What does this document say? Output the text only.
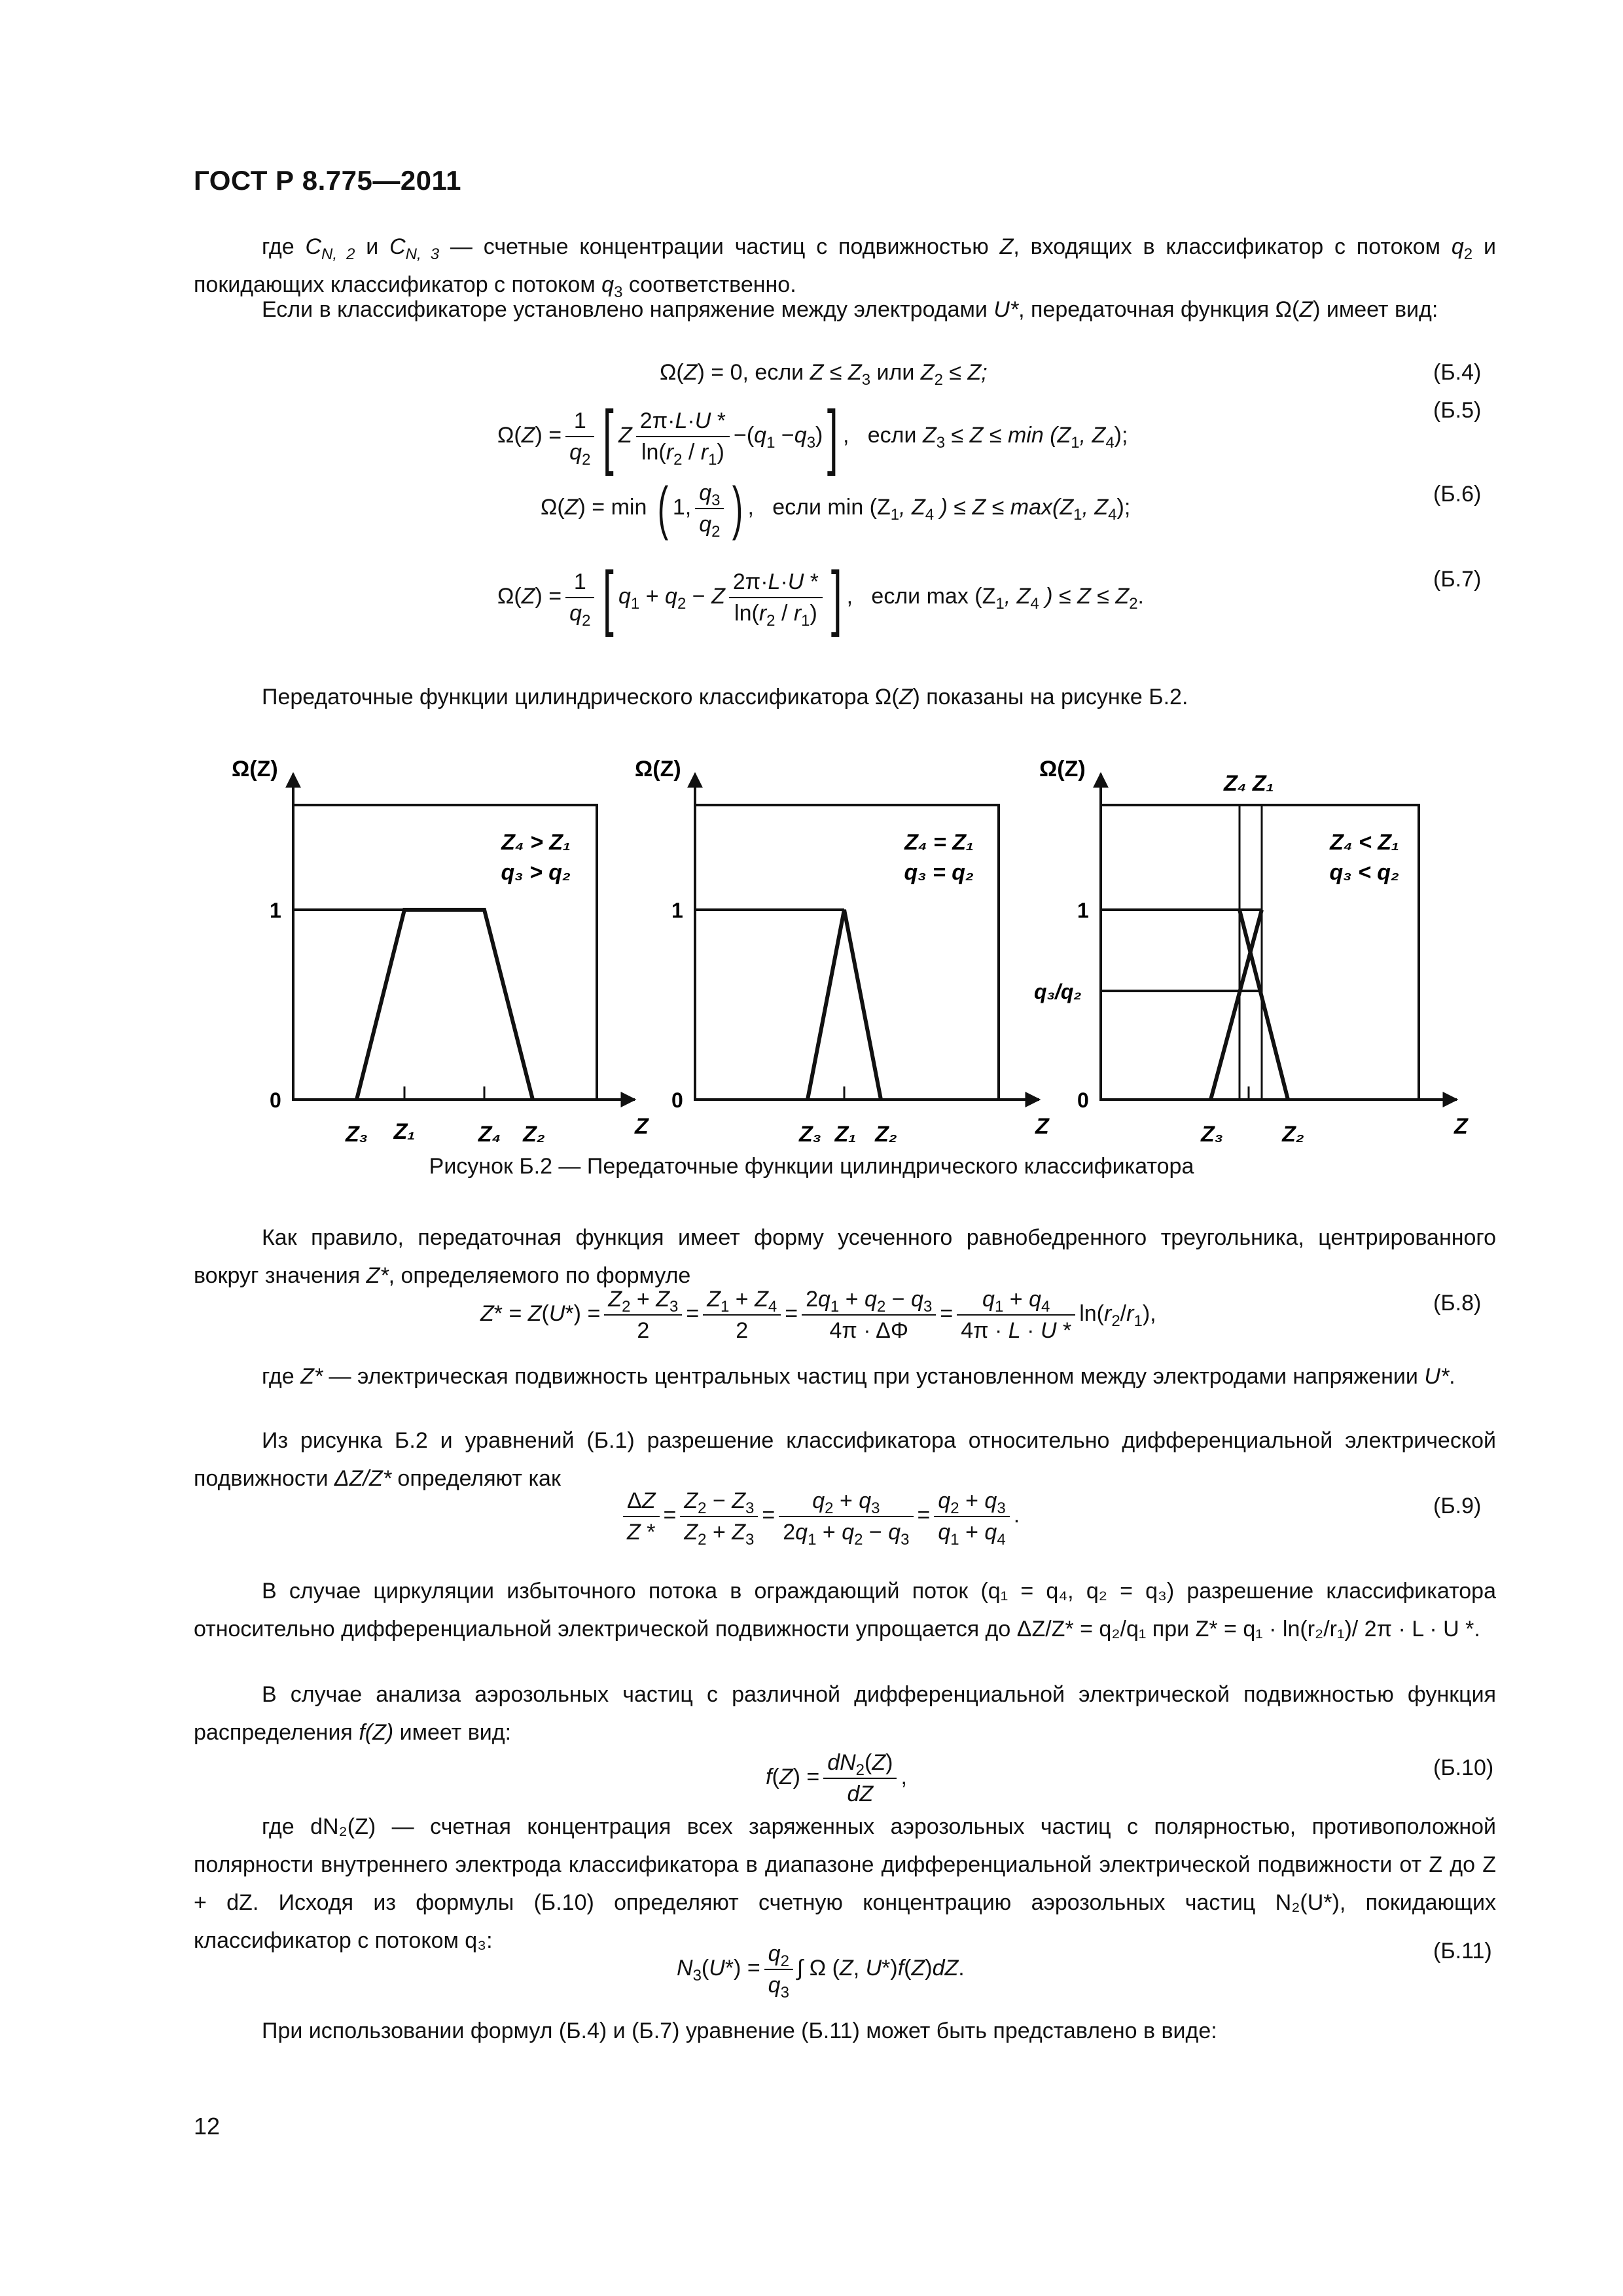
ГОСТ Р 8.775—2011
где $C_{N, 2}$ и $C_{N, 3}$ — счетные концентрации частиц с подвижностью Z, входящих в классификатор с потоком $q_2$ и покидающих классификатор с потоком $q_3$ соответственно.
Если в классификаторе установлено напряжение между электродами U*, передаточная функция Ω(Z) имеет вид:
Ω(Z) = 0, если $Z \le Z_3$ или $Z_2 \le Z$;	(Б.4)
$\Omega(Z) = \frac{1}{q_2}$ [ Z $\frac{2\pi\cdot L\cdot U *}{\ln(r_2 / r_1)} -(q_1 -q_3)$] ,   если $Z_3 \le Z \le \min (Z_1$, $Z_4$);
(Б.5)
Ω(Z) = min ( 1, $\frac{q_3}{q_2}$ ) ,   если $\min (Z_1$, $Z_4$ ) ≤ $Z \le \max(Z_1$, $Z_4$);
(Б.6)
$\Omega(Z) = \frac{1}{q_2}$ [ $q_1 + q_2 - Z \frac{2\pi\cdot L\cdot U *}{\ln(r_2 / r_1)}$ ] ,   если $\max (Z_1$, $Z_4$ ) ≤ $Z \le Z_2$.
(Б.7)
Передаточные функции цилиндрического классификатора Ω(Z) показаны на рисунке Б.2.
Ω(Z)
1
0
Z₄ > Z₁
q₃ > q₂
Z₃ Z₁	Z₄ Z₂	Z
Ω(Z)
1
0
Z₄ = Z₁
q₃ = q₂
Z₃ Z₁ Z₂	Z
Ω(Z)
Z₄ Z₁
1
q₃/q₂
0
Z₄ < Z₁
q₃ < q₂
Z₃	Z₂	Z
Рисунок Б.2 — Передаточные функции цилиндрического классификатора
Как правило, передаточная функция имеет форму усеченного равнобедренного треугольника, центрированного вокруг значения Z*, определяемого по формуле
$Z* = Z(U*) = \frac{Z_2 + Z_3}{2} = \frac{Z_1 + Z_4}{2} = \frac{2q_1 + q_2 - q_3}{4\pi \cdot \Delta\Phi} = \frac{q_1 + q_4}{4\pi \cdot L \cdot U *} \ln(r_2/r_1)$,	(Б.8)
где Z* — электрическая подвижность центральных частиц при установленном между электродами напряжении U*.
Из рисунка Б.2 и уравнений (Б.1) разрешение классификатора относительно дифференциальной электрической подвижности ΔZ/Z* определяют как
$\frac{\Delta Z}{Z *} = \frac{Z_2 - Z_3}{Z_2 + Z_3} = \frac{q_2 + q_3}{2q_1 + q_2 - q_3} = \frac{q_2 + q_3}{q_1 + q_4}$ .	(Б.9)
В случае циркуляции избыточного потока в ограждающий поток (q₁ = q₄, q₂ = q₃) разрешение классификатора относительно дифференциальной электрической подвижности упрощается до ΔZ/Z* = q₂/q₁ при Z* = q₁ · ln(r₂/r₁)/ 2π · L · U *.
В случае анализа аэрозольных частиц с различной дифференциальной электрической подвижностью функция распределения f(Z) имеет вид:
$f(Z) = \frac{dN_2(Z)}{dZ}$ ,	(Б.10)
где dN₂(Z) — счетная концентрация всех заряженных аэрозольных частиц с полярностью, противоположной полярности внутреннего электрода классификатора в диапазоне дифференциальной электрической подвижности от Z до Z + dZ. Исходя из формулы (Б.10) определяют счетную концентрацию аэрозольных частиц N₂(U*), покидающих классификатор с потоком q₃:
$N_3(U*) = \frac{q_2}{q_3}$ ∫ Ω (Z, U*)f(Z)dZ.
(Б.11)
При использовании формул (Б.4) и (Б.7) уравнение (Б.11) может быть представлено в виде:
12
